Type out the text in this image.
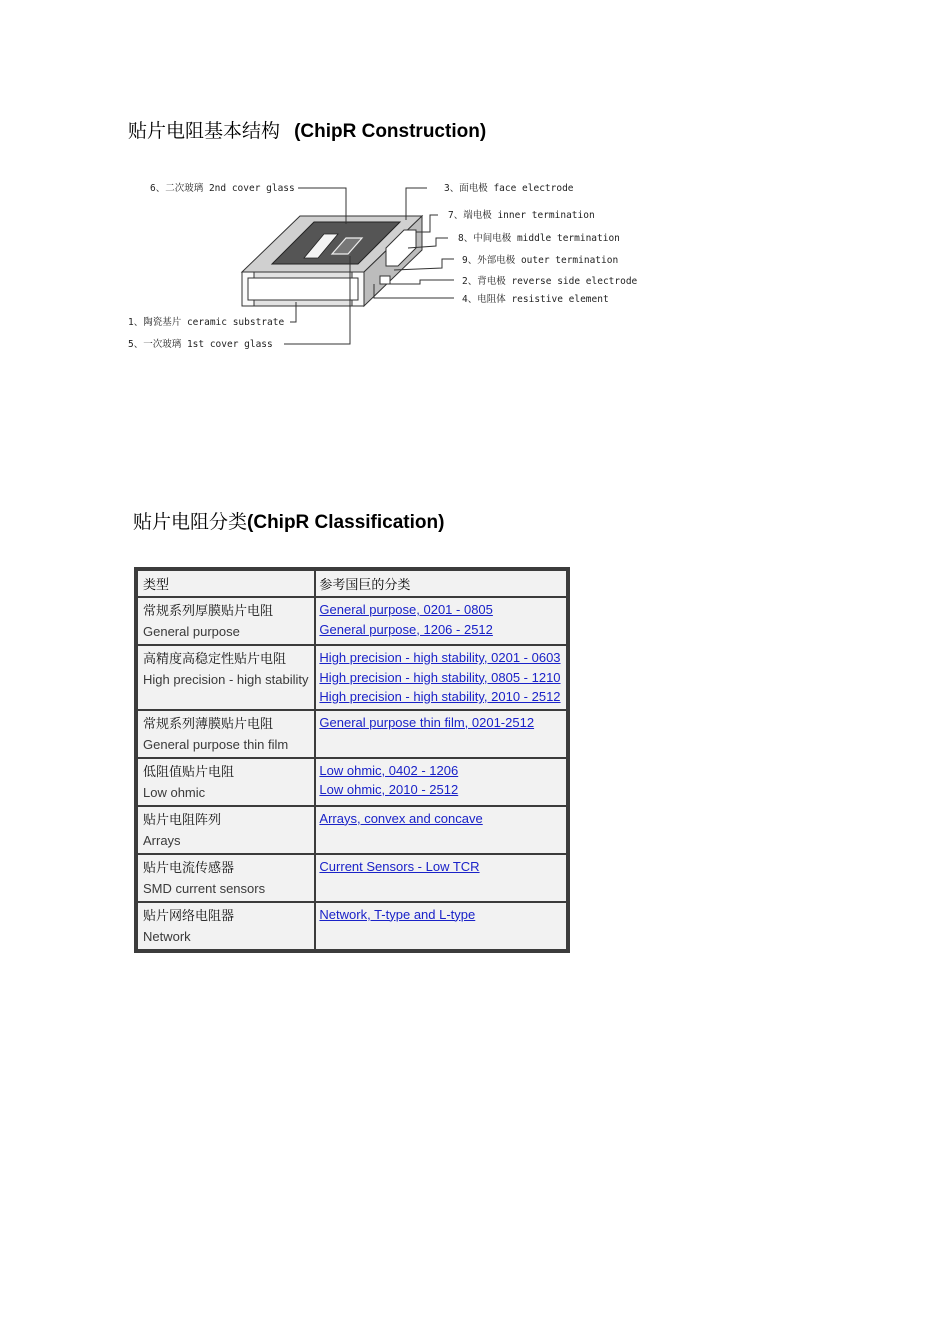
贴片电阻基本结构 (ChipR Construction)
6、二次玻璃 2nd cover glass	3、面电极 face electrode
7、端电极 inner termination
8、中间电极 middle termination
9、外部电极 outer termination
2、背电极 reverse side electrode
4、电阻体 resistive element
1、陶瓷基片 ceramic substrate
5、一次玻璃 1st cover glass
贴片电阻分类(ChipR Classification)
类型	参考国巨的分类

常规系列厚膜贴片电阻
General purpose	General purpose, 0201 - 0805
General purpose, 1206 - 2512

高精度高稳定性贴片电阻
High precision - high stability	High precision - high stability, 0201 - 0603
High precision - high stability, 0805 - 1210
High precision - high stability, 2010 - 2512

常规系列薄膜贴片电阻
General purpose thin film	General purpose thin film, 0201-2512

低阻值贴片电阻
Low ohmic	Low ohmic, 0402 - 1206
Low ohmic, 2010 - 2512

贴片电阻阵列
Arrays	Arrays, convex and concave

贴片电流传感器
SMD current sensors	Current Sensors - Low TCR

贴片网络电阻器
Network	Network, T-type and L-type
